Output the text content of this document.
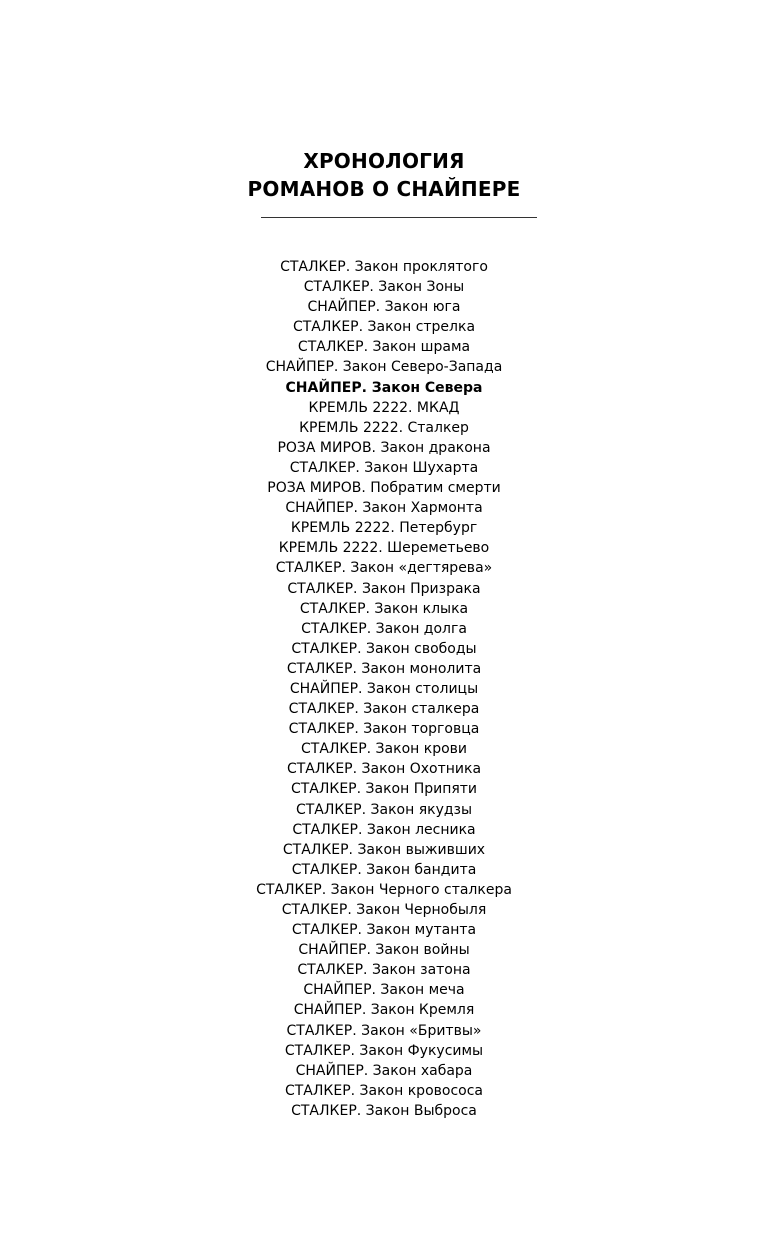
ХРОНОЛОГИЯ
РОМАНОВ О СНАЙПЕРЕ
СТАЛКЕР. Закон проклятого
СТАЛКЕР. Закон Зоны
СНАЙПЕР. Закон юга
СТАЛКЕР. Закон стрелка
СТАЛКЕР. Закон шрама
СНАЙПЕР. Закон Северо-Запада
СНАЙПЕР. Закон Севера
КРЕМЛЬ 2222. МКАД
КРЕМЛЬ 2222. Сталкер
РОЗА МИРОВ. Закон дракона
СТАЛКЕР. Закон Шухарта
РОЗА МИРОВ. Побратим смерти
СНАЙПЕР. Закон Хармонта
КРЕМЛЬ 2222. Петербург
КРЕМЛЬ 2222. Шереметьево
СТАЛКЕР. Закон «дегтярева»
СТАЛКЕР. Закон Призрака
СТАЛКЕР. Закон клыка
СТАЛКЕР. Закон долга
СТАЛКЕР. Закон свободы
СТАЛКЕР. Закон монолита
СНАЙПЕР. Закон столицы
СТАЛКЕР. Закон сталкера
СТАЛКЕР. Закон торговца
СТАЛКЕР. Закон крови
СТАЛКЕР. Закон Охотника
СТАЛКЕР. Закон Припяти
СТАЛКЕР. Закон якудзы
СТАЛКЕР. Закон лесника
СТАЛКЕР. Закон выживших
СТАЛКЕР. Закон бандита
СТАЛКЕР. Закон Черного сталкера
СТАЛКЕР. Закон Чернобыля
СТАЛКЕР. Закон мутанта
СНАЙПЕР. Закон войны
СТАЛКЕР. Закон затона
СНАЙПЕР. Закон меча
СНАЙПЕР. Закон Кремля
СТАЛКЕР. Закон «Бритвы»
СТАЛКЕР. Закон Фукусимы
СНАЙПЕР. Закон хабара
СТАЛКЕР. Закон кровососа
СТАЛКЕР. Закон Выброса
